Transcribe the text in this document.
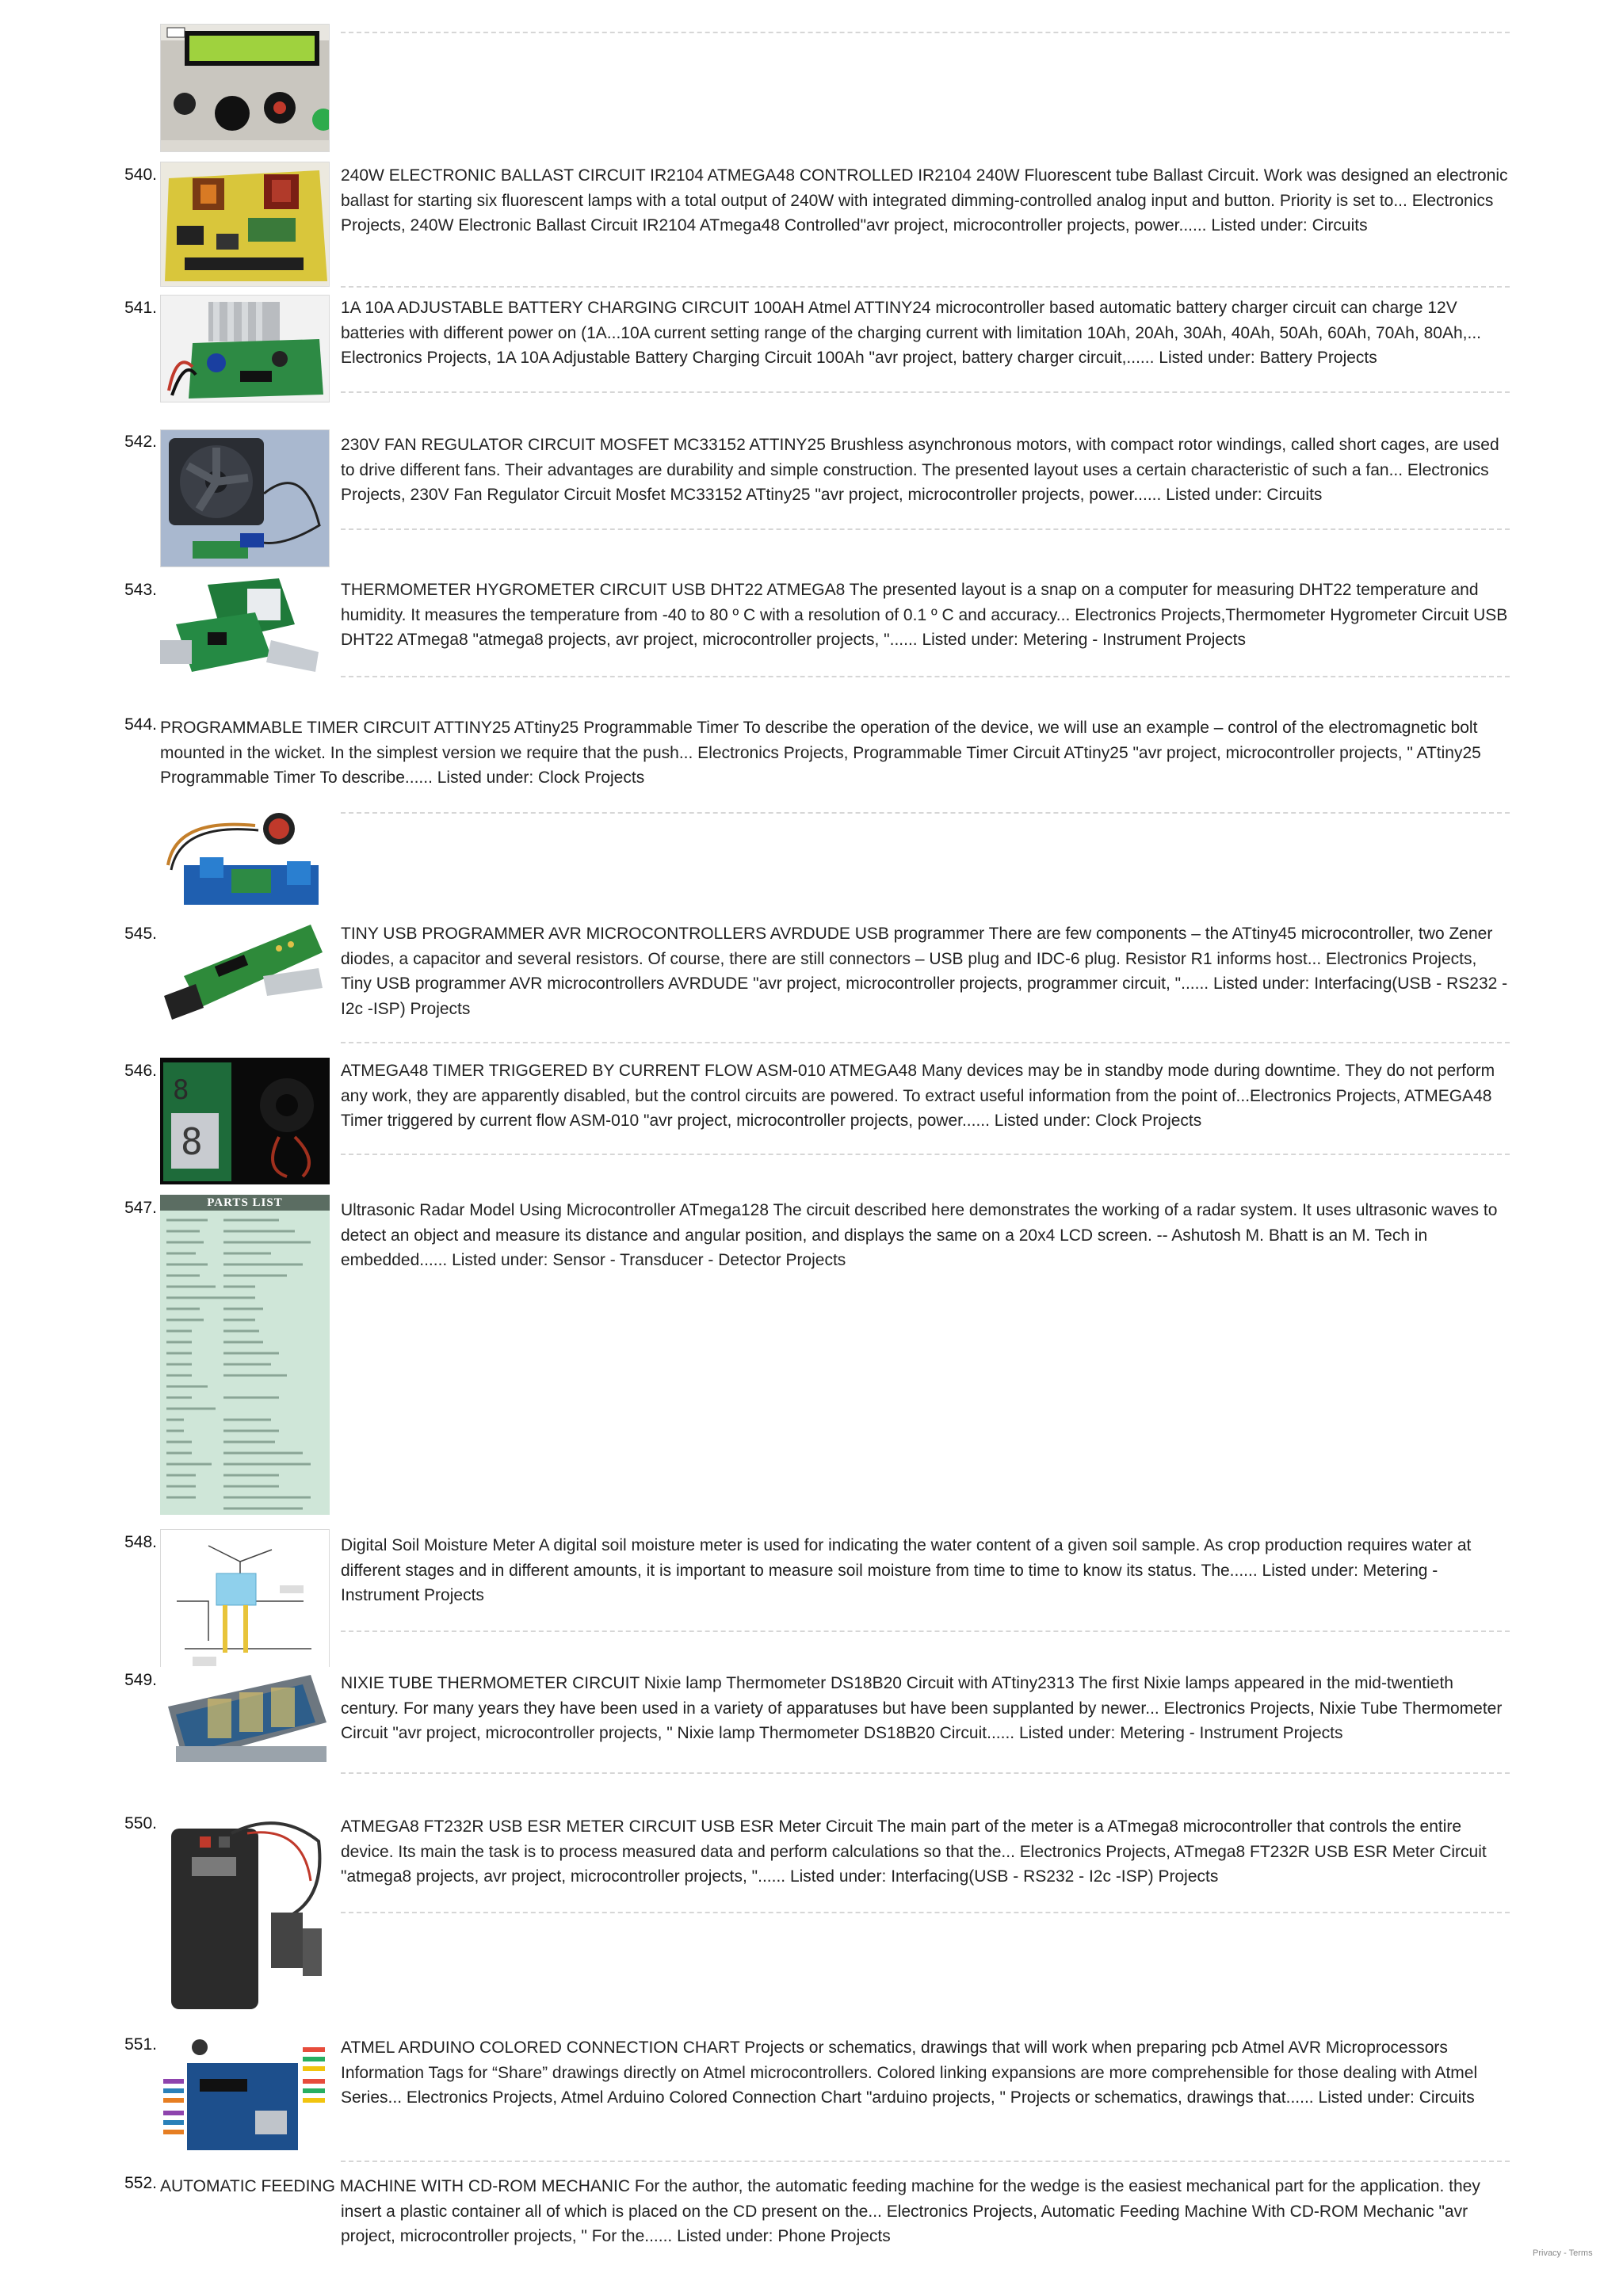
540.	240W ELECTRONIC BALLAST CIRCUIT IR2104 ATMEGA48 CONTROLLED IR2104 240W Fluorescent tube Ballast Circuit. Work was designed an electronic ballast for starting six fluorescent lamps with a total output of 240W with integrated dimming-controlled analog input and button. Priority is set to... Electronics Projects, 240W Electronic Ballast Circuit IR2104 ATmega48 Controlled"avr project, microcontroller projects, power...... Listed under: Circuits
541.	1A 10A ADJUSTABLE BATTERY CHARGING CIRCUIT 100AH Atmel ATTINY24 microcontroller based automatic battery charger circuit can charge 12V batteries with different power on (1A...10A current setting range of the charging current with limitation 10Ah, 20Ah, 30Ah, 40Ah, 50Ah, 60Ah, 70Ah, 80Ah,... Electronics Projects, 1A 10A Adjustable Battery Charging Circuit 100Ah "avr project, battery charger circuit,...... Listed under: Battery Projects
542.	230V FAN REGULATOR CIRCUIT MOSFET MC33152 ATTINY25 Brushless asynchronous motors, with compact rotor windings, called short cages, are used to drive different fans. Their advantages are durability and simple construction. The presented layout uses a certain characteristic of such a fan... Electronics Projects, 230V Fan Regulator Circuit Mosfet MC33152 ATtiny25 "avr project, microcontroller projects, power...... Listed under: Circuits
543.	THERMOMETER HYGROMETER CIRCUIT USB DHT22 ATMEGA8 The presented layout is a snap on a computer for measuring DHT22 temperature and humidity. It measures the temperature from -40 to 80 º C with a resolution of 0.1 º C and accuracy... Electronics Projects,Thermometer Hygrometer Circuit USB DHT22 ATmega8 "atmega8 projects, avr project, microcontroller projects, "...... Listed under: Metering - Instrument Projects
544. PROGRAMMABLE TIMER CIRCUIT ATTINY25 ATtiny25 Programmable Timer To describe the operation of the device, we will use an example – control of the electromagnetic bolt mounted in the wicket. In the simplest version we require that the push... Electronics Projects, Programmable Timer Circuit ATtiny25 "avr project, microcontroller projects, " ATtiny25 Programmable Timer To describe...... Listed under: Clock Projects
545.	TINY USB PROGRAMMER AVR MICROCONTROLLERS AVRDUDE USB programmer There are few components – the ATtiny45 microcontroller, two Zener diodes, a capacitor and several resistors. Of course, there are still connectors – USB plug and IDC-6 plug. Resistor R1 informs host... Electronics Projects, Tiny USB programmer AVR microcontrollers AVRDUDE "avr project, microcontroller projects, programmer circuit, "...... Listed under: Interfacing(USB - RS232 - I2c -ISP) Projects
546.
8
8
ATMEGA48 TIMER TRIGGERED BY CURRENT FLOW ASM-010 ATMEGA48 Many devices may be in standby mode during downtime. They do not perform any work, they are apparently disabled, but the control circuits are powered. To extract useful information from the point of...Electronics Projects, ATMEGA48 Timer triggered by current flow ASM-010 "avr project, microcontroller projects, power...... Listed under: Clock Projects
547.	PARTS LIST	Ultrasonic Radar Model Using Microcontroller ATmega128 The circuit described here demonstrates the working of a radar system. It uses ultrasonic waves to detect an object and measure its distance and angular position, and displays the same on a 20x4 LCD screen. -- Ashutosh M. Bhatt is an M. Tech in embedded...... Listed under: Sensor - Transducer - Detector Projects
548.	Digital Soil Moisture Meter A digital soil moisture meter is used for indicating the water content of a given soil sample. As crop production requires water at different stages and in different amounts, it is important to measure soil moisture from time to time to know its status. The...... Listed under: Metering - Instrument Projects
549.	NIXIE TUBE THERMOMETER CIRCUIT Nixie lamp Thermometer DS18B20 Circuit with ATtiny2313 The first Nixie lamps appeared in the mid-twentieth century. For many years they have been used in a variety of apparatuses but have been supplanted by newer... Electronics Projects, Nixie Tube Thermometer Circuit "avr project, microcontroller projects, " Nixie lamp Thermometer DS18B20 Circuit...... Listed under: Metering - Instrument Projects
550.	ATMEGA8 FT232R USB ESR METER CIRCUIT USB ESR Meter Circuit The main part of the meter is a ATmega8 microcontroller that controls the entire device. Its main the task is to process measured data and perform calculations so that the... Electronics Projects, ATmega8 FT232R USB ESR Meter Circuit "atmega8 projects, avr project, microcontroller projects, "...... Listed under: Interfacing(USB - RS232 - I2c -ISP) Projects
551.	ATMEL ARDUINO COLORED CONNECTION CHART Projects or schematics, drawings that will work when preparing pcb Atmel AVR Microprocessors Information Tags for “Share” drawings directly on Atmel microcontrollers. Colored linking expansions are more comprehensible for those dealing with Atmel Series... Electronics Projects, Atmel Arduino Colored Connection Chart "arduino projects, " Projects or schematics, drawings that...... Listed under: Circuits
552. AUTOMATIC FEEDING MACHINE WITH CD-ROM MECHANIC For the author, the automatic feeding machine for the wedge is the easiest mechanical part for the application. they insert a plastic container all of which is placed on the CD present on the... Electronics Projects, Automatic Feeding Machine With CD-ROM Mechanic "avr project, microcontroller projects, " For the...... Listed under: Phone Projects
Privacy - Terms
